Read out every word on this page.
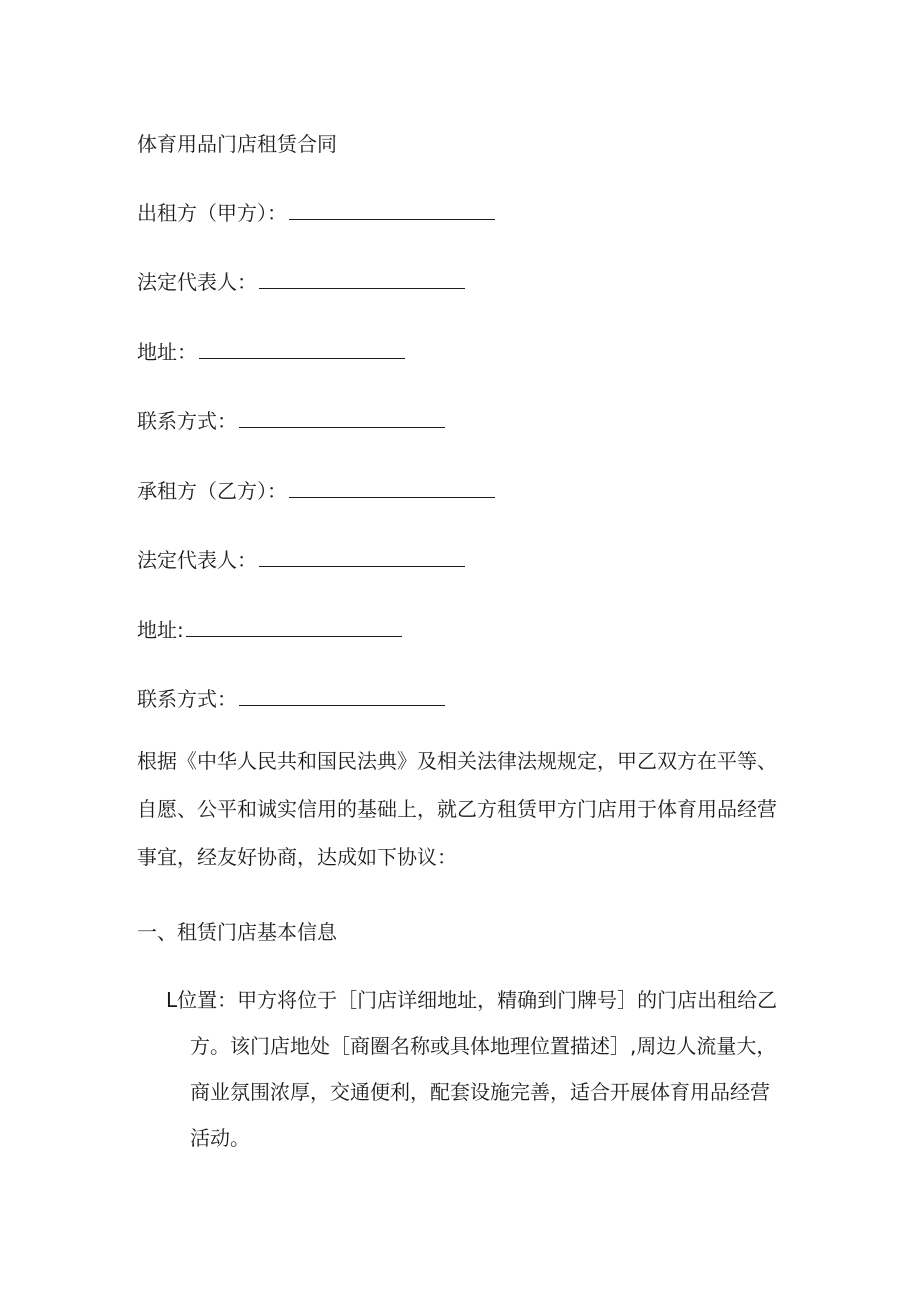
体育用品门店租赁合同
出租方（甲方）：
法定代表人：
地址：
联系方式：
承租方（乙方）：
法定代表人：
地址:
联系方式：
根据《中华人民共和国民法典》及相关法律法规规定，甲乙双方在平等、
自愿、公平和诚实信用的基础上，就乙方租赁甲方门店用于体育用品经营
事宜，经友好协商，达成如下协议：
一、租赁门店基本信息
L位置：甲方将位于［门店详细地址，精确到门牌号］的门店出租给乙
方。该门店地处［商圈名称或具体地理位置描述］,周边人流量大，
商业氛围浓厚，交通便利，配套设施完善，适合开展体育用品经营
活动。
